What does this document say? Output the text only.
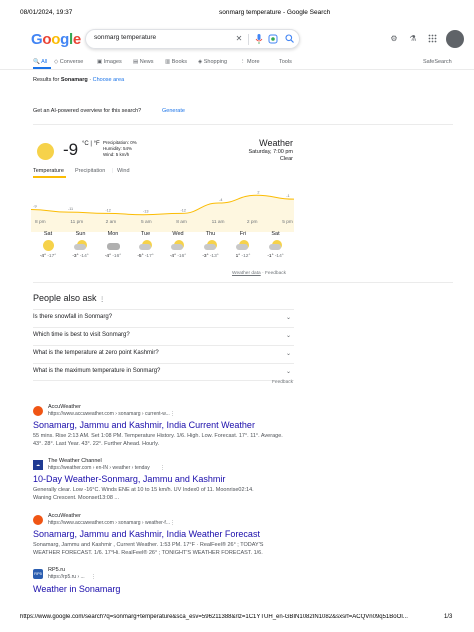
08/01/2024, 19:37	sonmarg temperature - Google Search
Google
sonmarg temperature	✕	⚙ ⚗
🔍 All ◇ Converse ▣ Images ▤ News ▥ Books ◈ Shopping ⋮ More	Tools	SafeSearch
Results for Sonamarg · Choose area
Get an AI-powered overview for this search?	Generate
-9 °C | °F Precipitation: 0%
Humidity: 54%
Wind: 5 km/h
Weather
Saturday, 7:00 pm
Clear
Temperature Precipitation | Wind
-9
-11	-12	-13	-12
-4
2
-1
8 pm	11 pm	2 am	5 am	8 am	11 am	2 pm	5 pm
Sat
-4° -17°
Sun
-3° -14°
Mon
-4° -16°
Tue
-5° -17°
Wed
-4° -16°
Thu
-3° -13°
Fri
1° -12°
Sat
-1° -14°
Weather data · Feedback
People also ask ⋮
Is there snowfall in Sonmarg?	⌄
Which time is best to visit Sonmarg?	⌄
What is the temperature at zero point Kashmir?	⌄
What is the maximum temperature in Sonmarg?	⌄
Feedback
AccuWeather
https://www.accuweather.com › sonamarg › current-w... ⋮
Sonamarg, Jammu and Kashmir, India Current Weather
55 mins. Rise 2:13 AM. Set 1:08 PM. Temperature History. 1/6. High. Low. Forecast. 17°. 11°. Average. 43°. 28°. Last Year. 43°. 22°. Further Ahead. Hourly.
☁
The Weather Channel
https://weather.com › en-IN › weather › tenday ⋮
10-Day Weather-Sonmarg, Jammu and Kashmir
Generally clear. Low -16°C. Winds ENE at 10 to 15 km/h. UV Index0 of 11. Moonrise02:14. Waning Crescent. Moonset13:08 ...
AccuWeather
https://www.accuweather.com › sonamarg › weather-f... ⋮
Sonamarg, Jammu and Kashmir, India Weather Forecast
Sonamarg, Jammu and Kashmir , Current Weather. 1:53 PM. 17°F · RealFeel® 26° ; TODAY'S WEATHER FORECAST. 1/6. 17°Hi. RealFeel® 26° ; TONIGHT'S WEATHER FORECAST. 1/6.
RP5
RP5.ru
https://rp5.ru › ... ⋮
Weather in Sonamarg
https://www.google.com/search?q=sonmarg+temperature&sca_esv=596211388&rlz=1C1YTUH_en-GBIN1082IN1082&sxsrf=ACQVn09q51BoOI...	1/3
